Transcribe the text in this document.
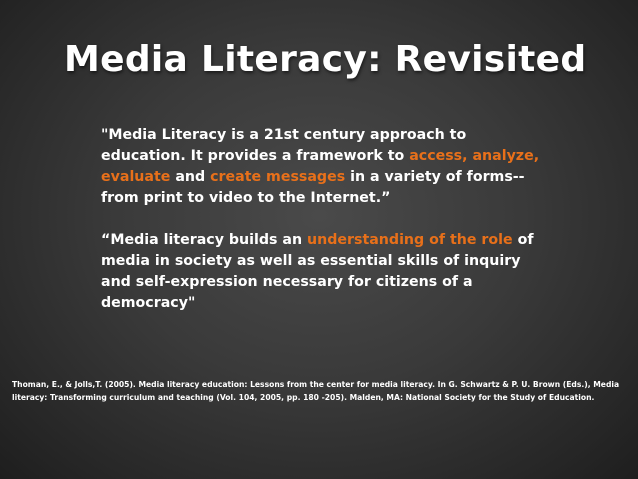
Media Literacy: Revisited
"Media Literacy is a 21st century approach to education. It provides a framework to access, analyze, evaluate and create messages in a variety of forms--from print to video to the Internet.”
“Media literacy builds an understanding of the role of media in society as well as essential skills of inquiry and self-expression necessary for citizens of a democracy"
Thoman, E., & Jolls,T. (2005). Media literacy education: Lessons from the center for media literacy. In G. Schwartz & P. U. Brown (Eds.), Media literacy: Transforming curriculum and teaching (Vol. 104, 2005, pp. 180 -205). Malden, MA: National Society for the Study of Education.
